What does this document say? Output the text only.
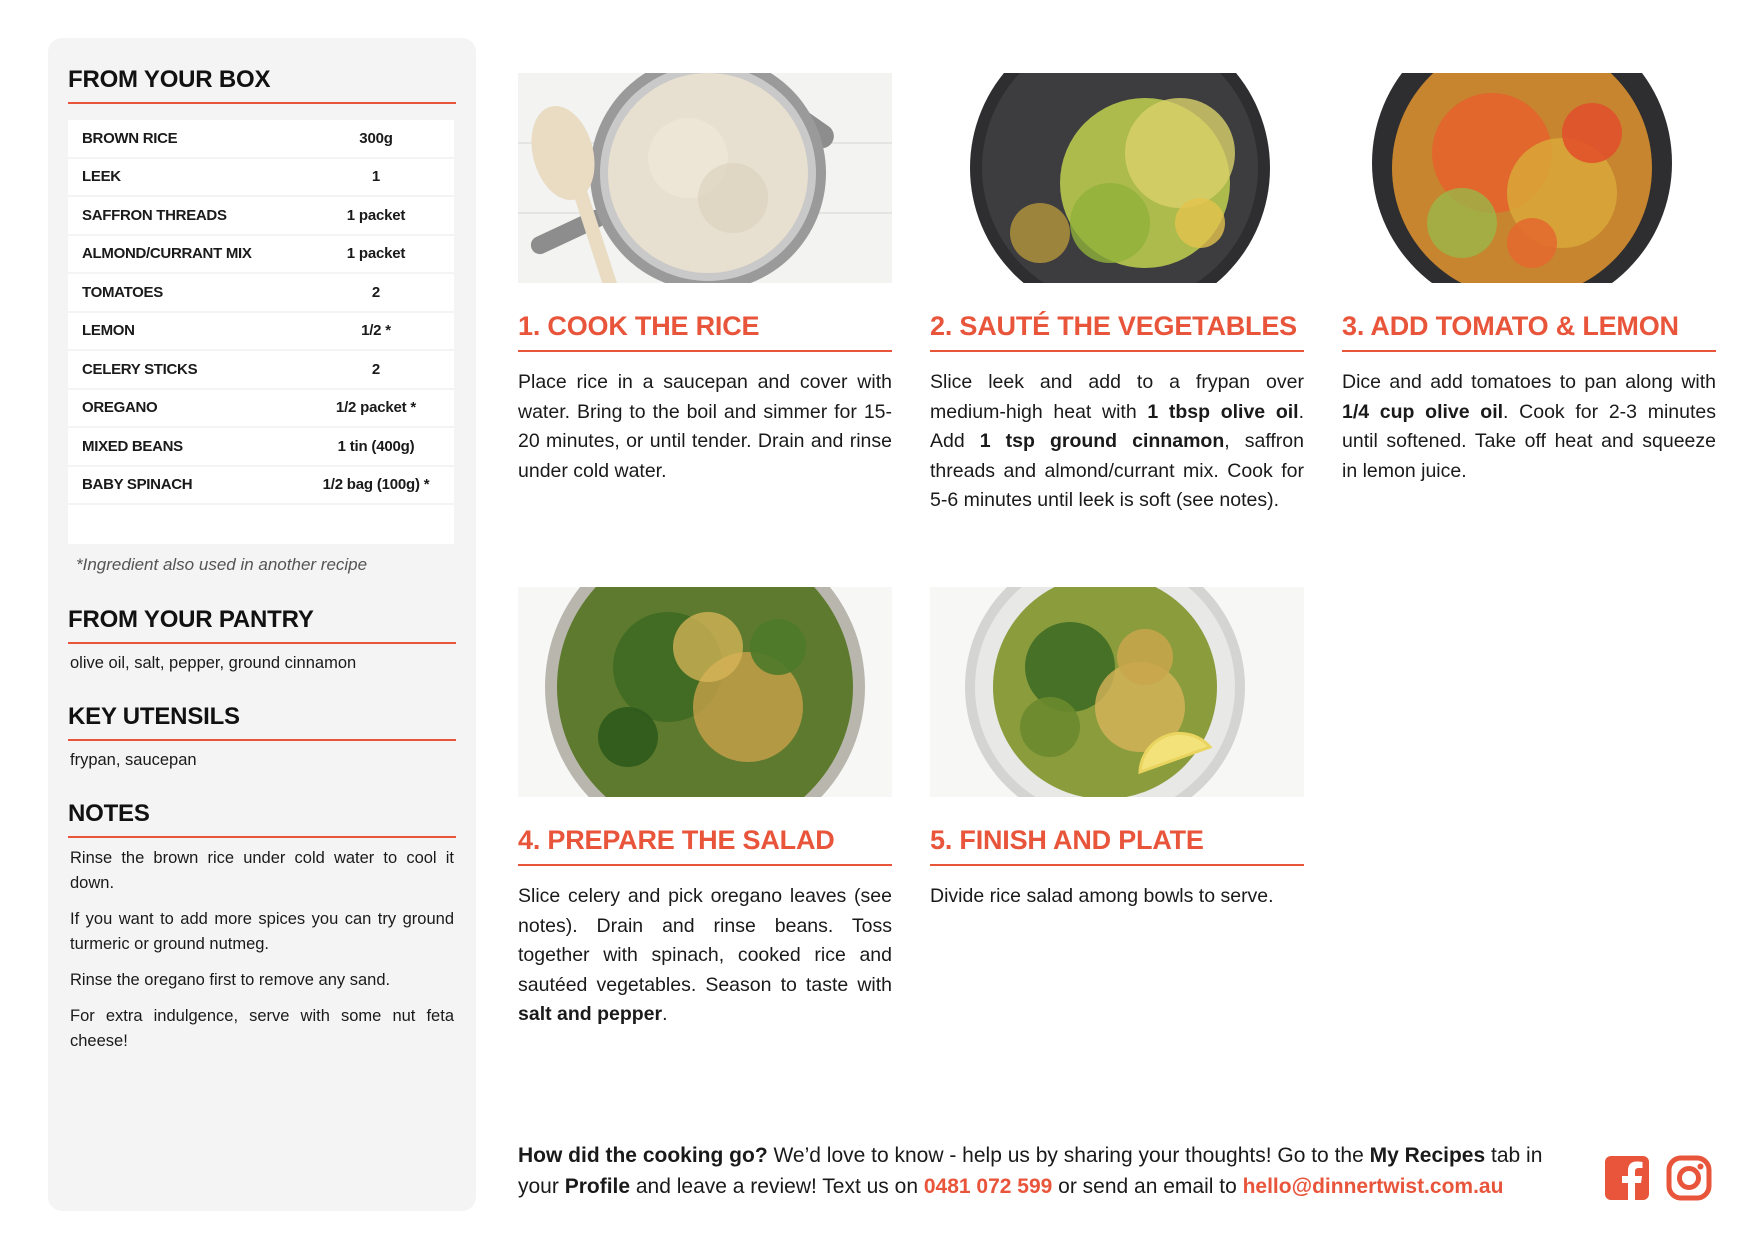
FROM YOUR BOX
BROWN RICE	300g
LEEK	1
SAFFRON THREADS	1 packet
ALMOND/CURRANT MIX	1 packet
TOMATOES	2
LEMON	1/2 *
CELERY STICKS	2
OREGANO	1/2 packet *
MIXED BEANS	1 tin (400g)
BABY SPINACH	1/2 bag (100g) *
*Ingredient also used in another recipe
FROM YOUR PANTRY
olive oil, salt, pepper, ground cinnamon
KEY UTENSILS
frypan, saucepan
NOTES

Rinse the brown rice under cold water to cool it down.

If you want to add more spices you can try ground turmeric or ground nutmeg.

Rinse the oregano first to remove any sand.

For extra indulgence, serve with some nut feta cheese!

1. COOK THE RICE
Place rice in a saucepan and cover with water. Bring to the boil and simmer for 15-20 minutes, or until tender. Drain and rinse under cold water.
2. SAUTÉ THE VEGETABLES
Slice leek and add to a frypan over medium-high heat with 1 tbsp olive oil. Add 1 tsp ground cinnamon, saffron threads and almond/currant mix. Cook for 5-6 minutes until leek is soft (see notes).
3. ADD TOMATO & LEMON
Dice and add tomatoes to pan along with 1/4 cup olive oil. Cook for 2-3 minutes until softened. Take off heat and squeeze in lemon juice.
4. PREPARE THE SALAD
Slice celery and pick oregano leaves (see notes). Drain and rinse beans. Toss together with spinach, cooked rice and sautéed vegetables. Season to taste with salt and pepper.
5. FINISH AND PLATE
Divide rice salad among bowls to serve.
How did the cooking go? We’d love to know - help us by sharing your thoughts! Go to the My Recipes tab in your Profile and leave a review! Text us on 0481 072 599 or send an email to hello@dinnertwist.com.au
